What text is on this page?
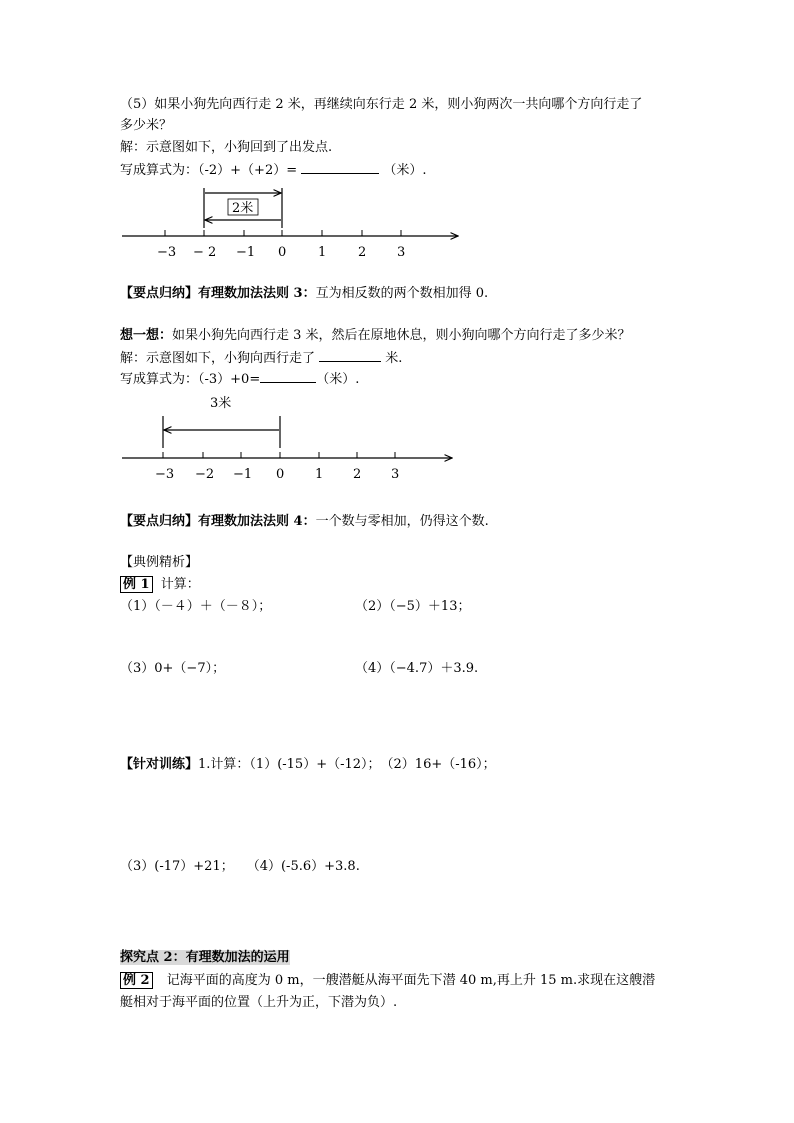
（5）如果小狗先向西行走 2 米，再继续向东行走 2 米，则小狗两次一共向哪个方向行走了
多少米？
解：示意图如下，小狗回到了出发点.
写成算式为：（-2）+（+2）=	（米）.
−3 − 2 −1 0 1 2 3
2米
【要点归纳】有理数加法法则 3：互为相反数的两个数相加得 0.
想一想：如果小狗先向西行走 3 米，然后在原地休息，则小狗向哪个方向行走了多少米？
解：示意图如下，小狗向西行走了	米.
写成算式为：（-3）+0=	（米）.
−3 −2 −1 0 1 2 3
3米
【要点归纳】有理数加法法则 4：一个数与零相加，仍得这个数.
【典例精析】
例 1 计算：
（1）（－４）＋（－８）；	（2）（−5）＋13；
（3）0+（−7）；	（4）（−4.7）＋3.9.
【针对训练】1.计算：（1）(-15）+（-12）；　（2）16+（-16）；
（3）(-17）+21；　　（4）(-5.6）+3.8.
探究点 2：有理数加法的运用
例 2 记海平面的高度为 0 m，一艘潜艇从海平面先下潜 40 m,再上升 15 m.求现在这艘潜
艇相对于海平面的位置（上升为正，下潜为负）.
